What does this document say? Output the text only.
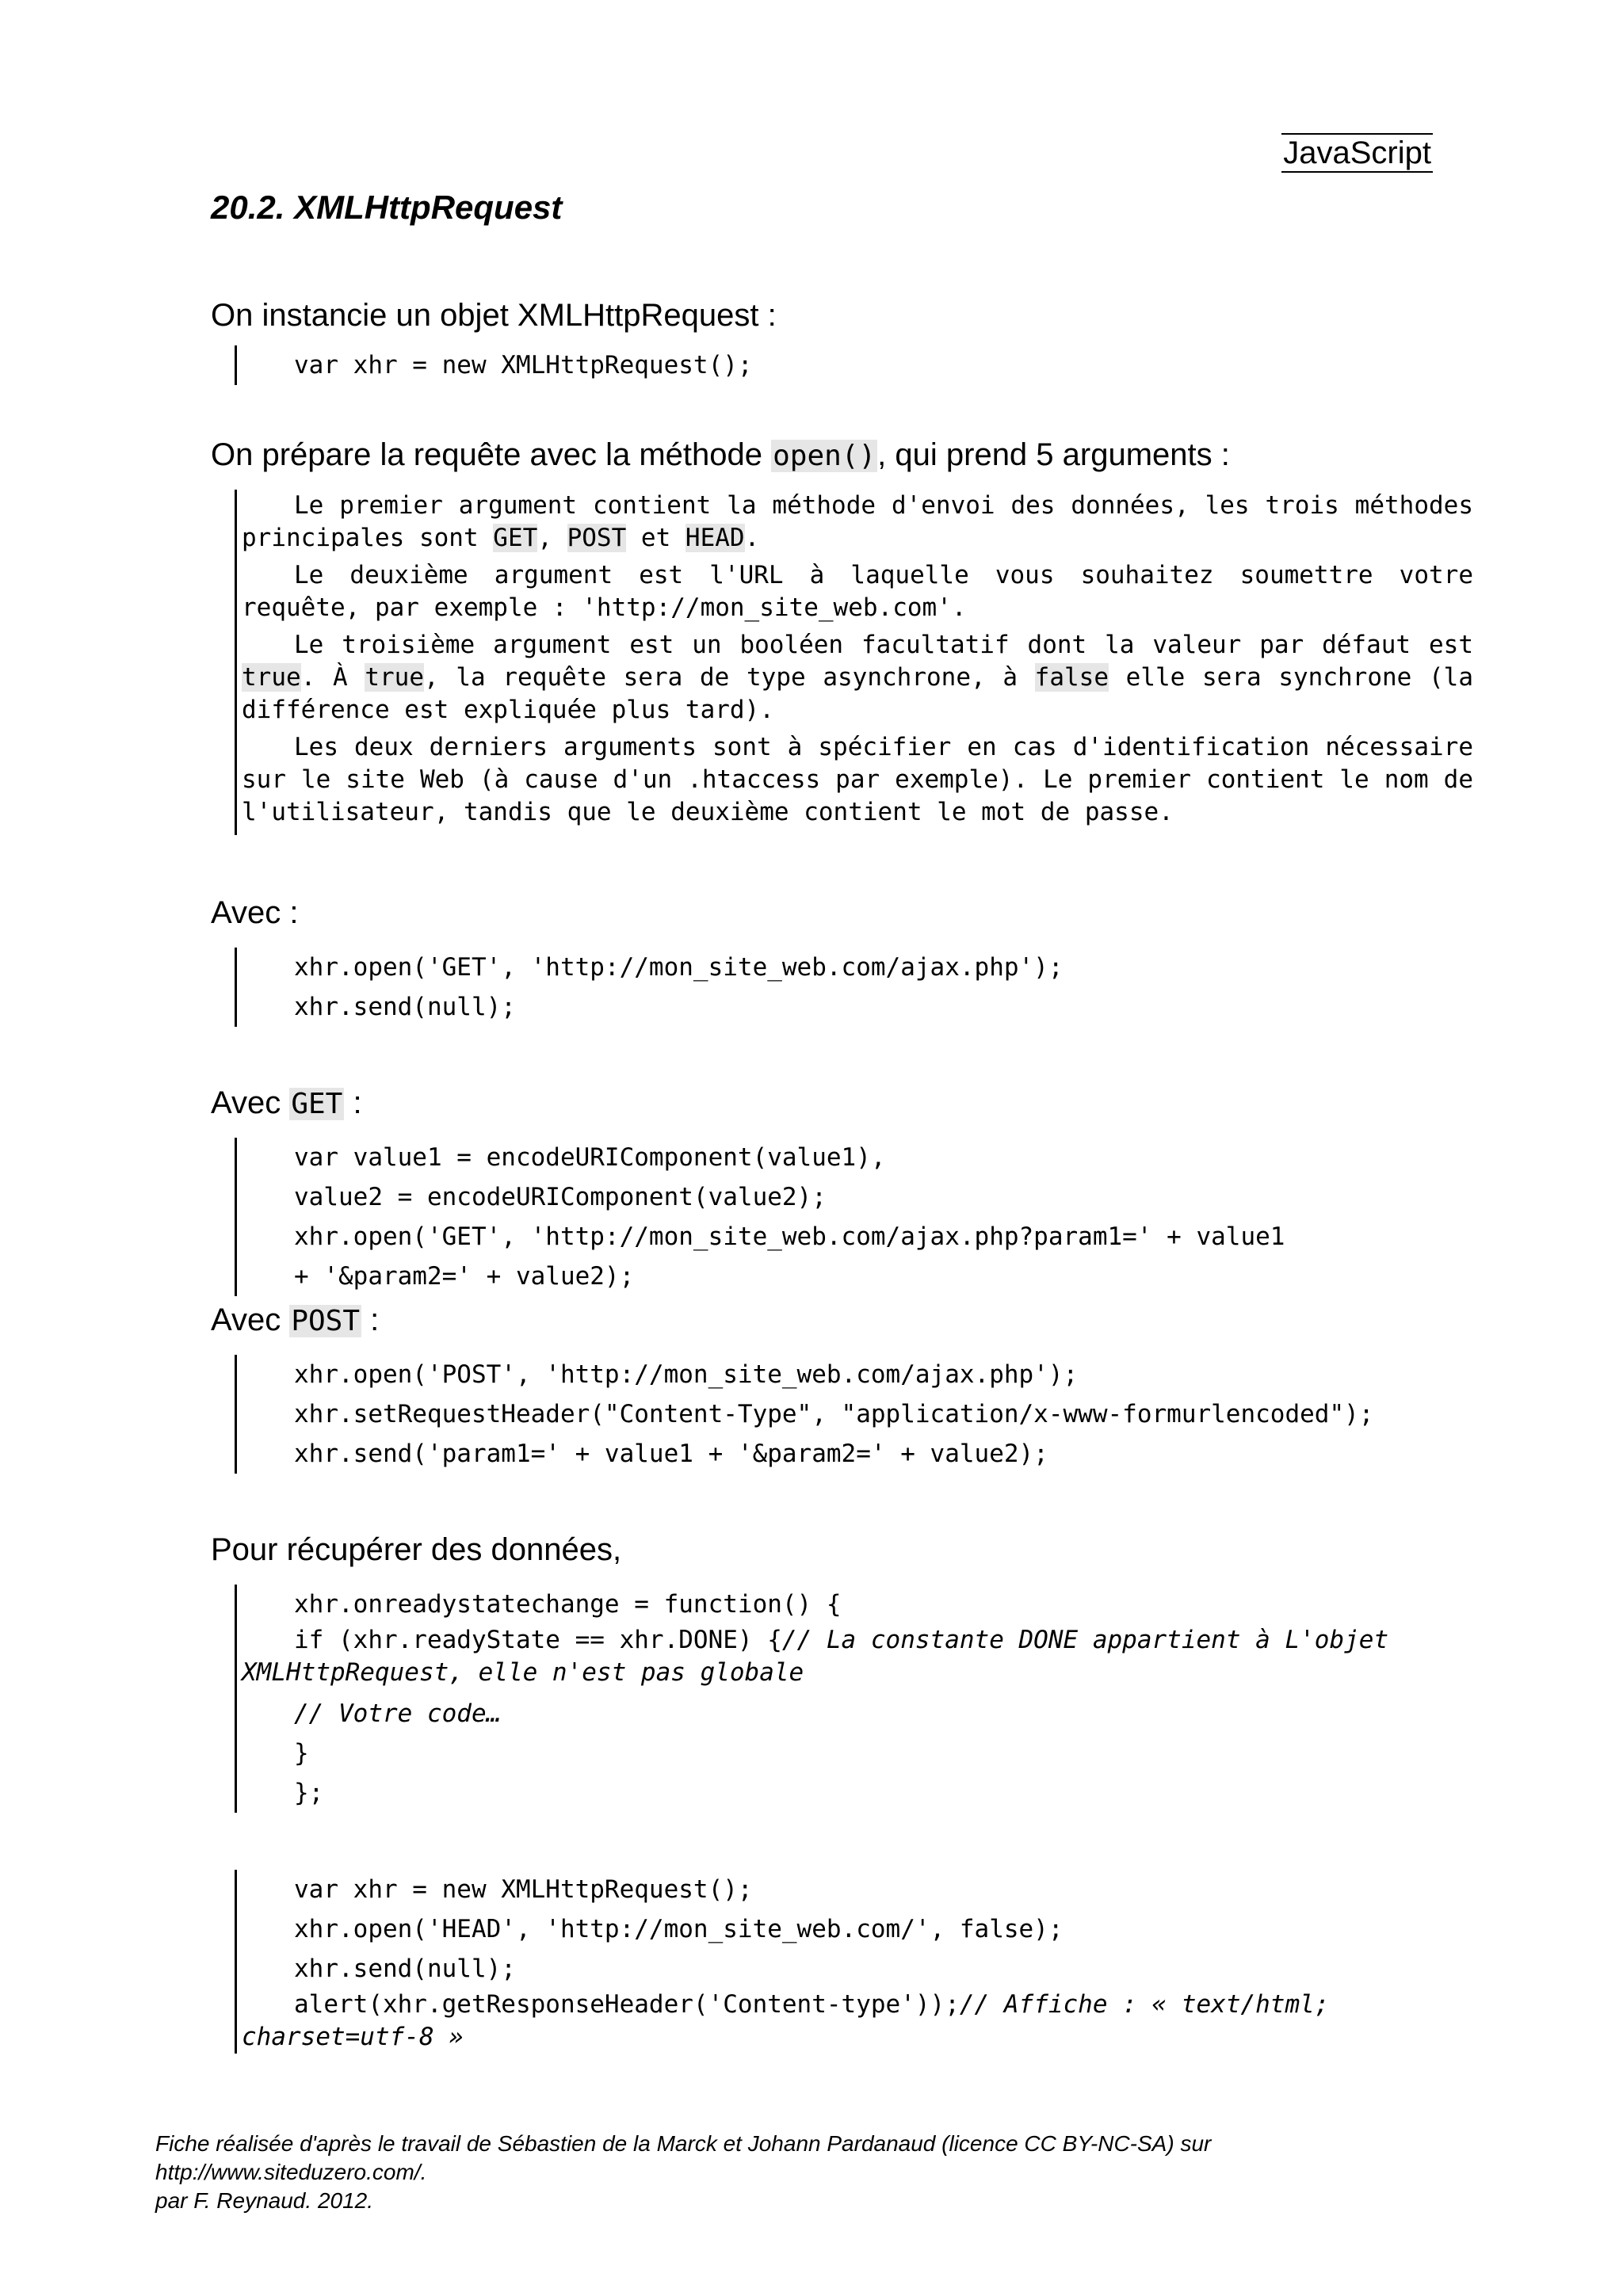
JavaScript
20.2. XMLHttpRequest
On instancie un objet XMLHttpRequest :
var xhr = new XMLHttpRequest();
On prépare la requête avec la méthode open(), qui prend 5 arguments :
Le premier argument contient la méthode d'envoi des données, les trois méthodes principales sont GET, POST et HEAD.
Le deuxième argument est l'URL à laquelle vous souhaitez soumettre votre requête, par exemple : 'http://mon_site_web.com'.
Le troisième argument est un booléen facultatif dont la valeur par défaut est true. À true, la requête sera de type asynchrone, à false elle sera synchrone (la différence est expliquée plus tard).
Les deux derniers arguments sont à spécifier en cas d'identification nécessaire sur le site Web (à cause d'un .htaccess par exemple). Le premier contient le nom de l'utilisateur, tandis que le deuxième contient le mot de passe.
Avec :
xhr.open('GET', 'http://mon_site_web.com/ajax.php');
xhr.send(null);
Avec GET :
var value1 = encodeURIComponent(value1),
value2 = encodeURIComponent(value2);
xhr.open('GET', 'http://mon_site_web.com/ajax.php?param1=' + value1
+ '&param2=' + value2);
Avec POST :
xhr.open('POST', 'http://mon_site_web.com/ajax.php');
xhr.setRequestHeader("Content-Type", "application/x-www-formurlencoded");
xhr.send('param1=' + value1 + '&param2=' + value2);
Pour récupérer des données,
xhr.onreadystatechange = function() {
if (xhr.readyState == xhr.DONE) {// La constante DONE appartient à L'objet XMLHttpRequest, elle n'est pas globale
// Votre code…
}
};
var xhr = new XMLHttpRequest();
xhr.open('HEAD', 'http://mon_site_web.com/', false);
xhr.send(null);
alert(xhr.getResponseHeader('Content-type'));// Affiche : « text/html; charset=utf-8 »
Fiche réalisée d'après le travail de Sébastien de la Marck et Johann Pardanaud (licence CC BY-NC-SA) sur http://www.siteduzero.com/.
par F. Reynaud. 2012.
